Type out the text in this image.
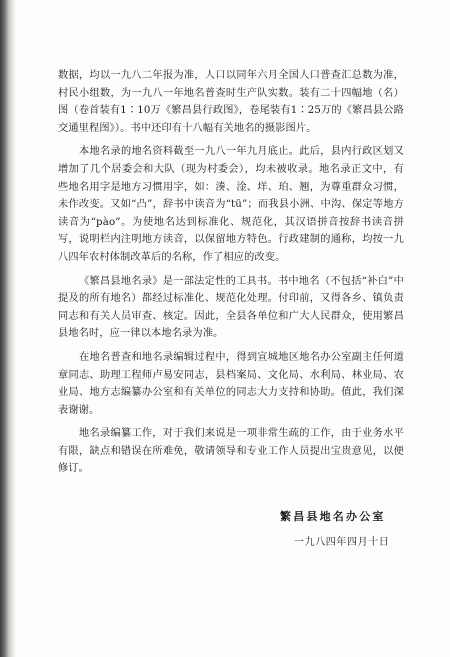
数据，均以一九八二年报为准，人口以同年六月全国人口普查汇总数为准，村民小组数，为一九八一年地名普查时生产队实数。装有二十四幅地（名）图（卷首装有1∶10万《繁昌县行政图》，卷尾装有1∶25万的《繁昌县公路交通里程图》）。书中还印有十八幅有关地名的摄影图片。

本地名录的地名资料截至一九八一年九月底止。此后，县内行政区划又增加了几个居委会和大队（现为村委会），均未被收录。地名录正文中，有些地名用字是地方习惯用字，如：湊、淦、垟、珀、翘，为尊重群众习惯，未作改变。又如“凸”，辞书中读音为“tū”；而我县小洲、中沟、保定等地方读音为“pào”。为使地名达到标准化、规范化，其汉语拼音按辞书读音拼写，说明栏内注明地方读音，以保留地方特色。行政建制的通称，均按一九八四年农村体制改革后的名称，作了相应的改变。

《繁昌县地名录》是一部法定性的工具书。书中地名（不包括“补白”中提及的所有地名）都经过标准化、规范化处理。付印前，又得各乡、镇负责同志和有关人员审查、核定。因此，全县各单位和广大人民群众，使用繁昌县地名时，应一律以本地名录为准。

在地名普查和地名录编辑过程中，得到宣城地区地名办公室副主任何道章同志、助理工程师卢易安同志，县档案局、文化局、水利局、林业局、农业局、地方志编纂办公室和有关单位的同志大力支持和协助。值此，我们深表谢谢。

地名录编纂工作，对于我们来说是一项非常生疏的工作，由于业务水平有限，缺点和错误在所难免，敬请领导和专业工作人员提出宝贵意见，以便修订。

繁昌县地名办公室
一九八四年四月十日
